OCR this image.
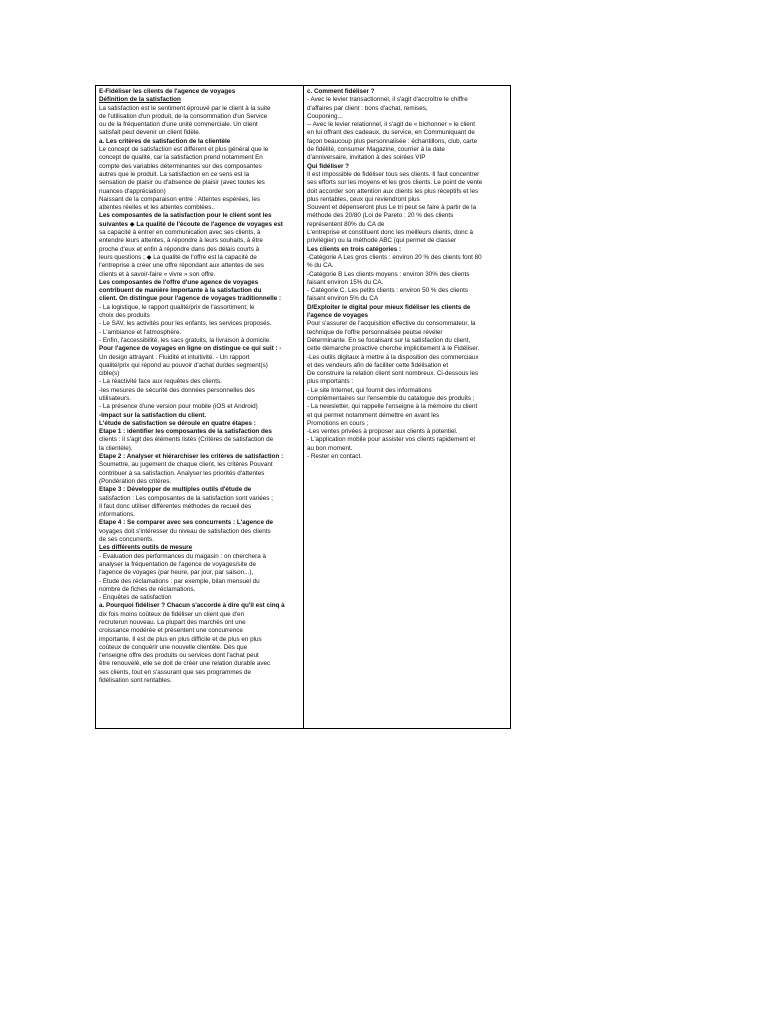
E-Fidéliser les clients de l'agence de voyages
Définition de la satisfaction
La satisfaction est le sentiment éprouvé par le client à la suite
de l'utilisation d'un produit, de la consommation d'un Service
ou de la fréquentation d'une unité commerciale. Un client
satisfait peut devenir un client fidèle.
a. Les critères de satisfaction de la clientèle
Le concept de satisfaction est différent et plus général que le
concept de qualité, car la satisfaction prend notamment En
compte des variables déterminantes sur des composantes
autres que le produit. La satisfaction en ce sens est la
sensation de plaisir ou d'absence de plaisir (avec toutes les
nuances d'appréciation)
Naissant de la comparaison entre : Attentes espérées, les
attentes réelles et les attentes comblées..
Les composantes de la satisfaction pour le client sont les
suivantes ◆ La qualité de l'écoute de l'agence de voyages est
sa capacité à entrer en communication avec ses clients, à
entendre leurs attentes, à répondre à leurs souhaits, à être
proche d'eux et enfin à répondre dans des délais courts à
leurs questions ; ◆ La qualité de l'offre est la capacité de
l'entreprise à créer une offre répondant aux attentes de ses
clients et à savoir-faire « vivre » son offre.
Les composantes de l'offre d'une agence de voyages
contribuent de manière importante à la satisfaction du
client. On distingue pour l'agence de voyages traditionnelle :
- La logistique, le rapport qualité/prix de l'assortiment, le
choix des produits
- Le SAV, les activités pour les enfants, les services proposés.
- L'ambiance et l'atmosphère.
- Enfin, l'accessibilité, les sacs gratuits, la livraison à domicile.
Pour l'agence de voyages en ligne on distingue ce qui suit : -
Un design attrayant : Fluidité et intuitivité. - Un rapport
qualité/prix qui répond au pouvoir d'achat du/des segment(s)
cible(s)
- La réactivité face aux requêtes des clients.
-les mesures de sécurité des données personnelles des
utilisateurs.
- La présence d'une version pour mobile (iOS et Android)
-Impact sur la satisfaction du client.
L'étude de satisfaction se déroule en quatre étapes :
Etape 1 : identifier les composantes de la satisfaction des
clients : il s'agit des éléments listés (Critères de satisfaction de
la clientèle).
Etape 2 : Analyser et hiérarchiser les critères de satisfaction :
Soumettre, au jugement de chaque client, les critères Pouvant
contribuer à sa satisfaction. Analyser les priorités d'attentes
(Pondération des critères.
Etape 3 : Développer de multiples outils d'étude de
satisfaction : Les composantes de la satisfaction sont variées ;
Il faut donc utiliser différentes méthodes de recueil des
informations.
Etape 4 : Se comparer avec ses concurrents : L'agence de
voyages doit s'intéresser du niveau de satisfaction des clients
de ses concurrents.
Les différents outils de mesure
- Évaluation des performances du magasin : on cherchera à
analyser la fréquentation de l'agence de voyages/site de
l'agence de voyages (par heure, par jour, par saison...),
- Étude des réclamations : par exemple, bilan mensuel du
nombre de fiches de réclamations.
- Enquêtes de satisfaction
a. Pourquoi fidéliser ? Chacun s'accorde à dire qu'il est cinq à
dix fois moins coûteux de fidéliser un client que d'en
recruterun nouveau. La plupart des marchés ont une
croissance modérée et présentent une concurrence
importante. Il est de plus en plus difficile et de plus en plus
coûteux de conquérir une nouvelle clientèle. Dès que
l'enseigne offre des produits ou services dont l'achat peut
être renouvelé, elle se doit de créer une relation durable avec
ses clients, tout en s'assurant que ses programmes de
fidélisation sont rentables.
c. Comment fidéliser ?
- Avec le levier transactionnel, il s'agit d'accroître le chiffre
d'affaires par client : bons d'achat, remises,
Couponing...
-- Avec le levier relationnel, il s'agit de « bichonner » le client
en lui offrant des cadeaux, du service, en Communiquant de
façon beaucoup plus personnalisée : échantillons, club, carte
de fidélité, consumer Magazine, courrier à la date
d'anniversaire, invitation à des soirées VIP
Qui fidéliser ?
Il est impossible de fidéliser tous ses clients. Il faut concentrer
ses efforts sur les moyens et les gros clients. Le point de vente
doit accorder son attention aux clients les plus réceptifs et les
plus rentables, ceux qui reviendront plus
Souvent et dépenseront plus Le tri peut se faire à partir de la
méthode des 20/80 (Loi de Pareto : 20 % des clients
représentent 80% du CA de
L'entreprise et constituent donc les meilleurs clients, donc à
privilégier) ou la méthode ABC (qui permet de classer
Les clients en trois catégories :
-Catégorie A Les gros clients : environ 20 % des clients font 80
% du CA.
-Catégorie B Les clients moyens : environ 30% des clients
faisant environ 15% du CA.
- Catégorie C. Les petits clients : environ 50 % des clients
faisant environ 5% du CA
D/Exploiter le digital pour mieux fidéliser les clients de
l'agence de voyages
Pour s'assurer de l'acquisition effective du consommateur, la
technique de l'offre personnalisée peutse révéler
Déterminante. En se focalisant sur la satisfaction du client,
cette démarche proactive cherche implicitement à le Fidéliser.
-Les outils digitaux à mettre à la disposition des commerciaux
et des vendeurs afin de faciliter cette fidélisation et
De construire la relation client sont nombreux. Ci-dessous les
plus importants :
- Le site Internet, qui fournit des informations
complémentaires sur l'ensemble du catalogue des produits ;
- La newsletter, qui rappelle l'enseigne à la mémoire du client
et qui permet notamment démettre en avant les
Promotions en cours ;
-Les ventes privées à proposer aux clients à potentiel.
- L'application mobile pour assister vos clients rapidement et
au bon moment.
- Rester en contact.
